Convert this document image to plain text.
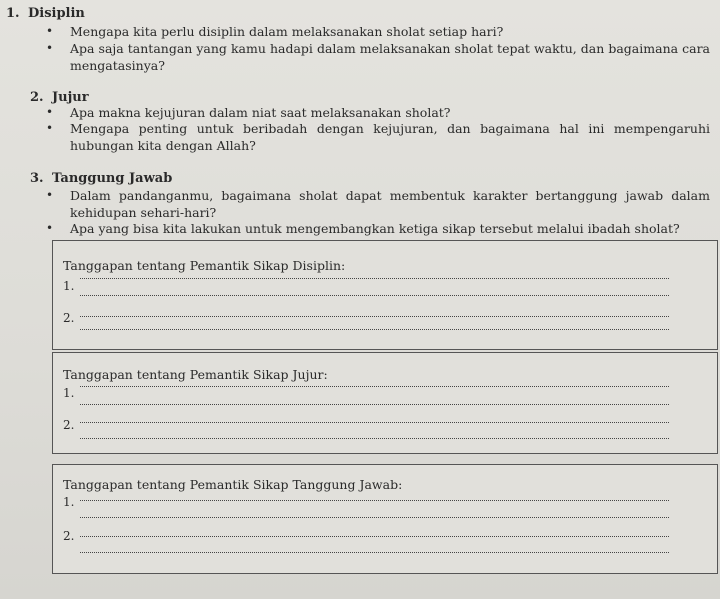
1. Disiplin
• Mengapa kita perlu disiplin dalam melaksanakan sholat setiap hari?
• Apa saja tantangan yang kamu hadapi dalam melaksanakan sholat tepat waktu, dan bagaimana cara mengatasinya?
2. Jujur
• Apa makna kejujuran dalam niat saat melaksanakan sholat?
• Mengapa penting untuk beribadah dengan kejujuran, dan bagaimana hal ini mempengaruhi hubungan kita dengan Allah?
3. Tanggung Jawab
• Dalam pandanganmu, bagaimana sholat dapat membentuk karakter bertanggung jawab dalam kehidupan sehari-hari?
• Apa yang bisa kita lakukan untuk mengembangkan ketiga sikap tersebut melalui ibadah sholat?
Tanggapan tentang Pemantik Sikap Disiplin:
1.
2.
Tanggapan tentang Pemantik Sikap Jujur:
1.
2.
Tanggapan tentang Pemantik Sikap Tanggung Jawab:
1.
2.
